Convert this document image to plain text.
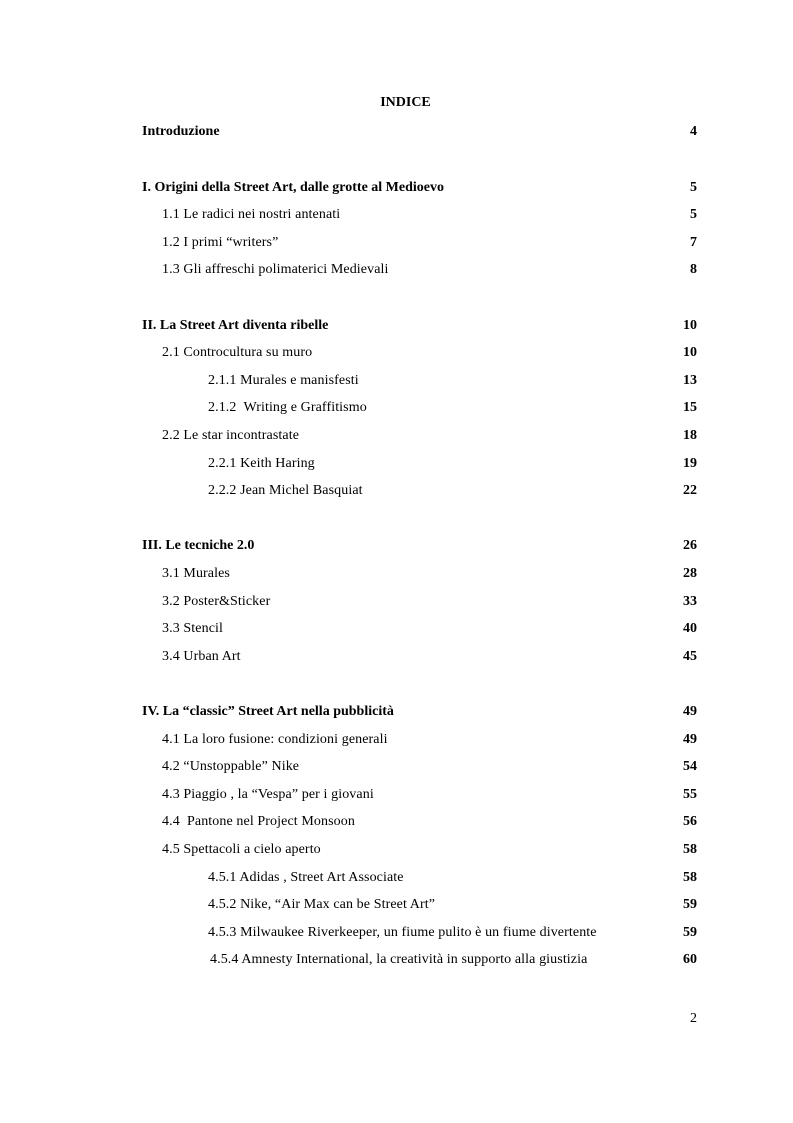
INDICE
Introduzione	4
I. Origini della Street Art, dalle grotte al Medioevo	5
1.1 Le radici nei nostri antenati	5
1.2 I primi “writers”	7
1.3 Gli affreschi polimaterici Medievali	8
II. La Street Art diventa ribelle	10
2.1 Controcultura su muro	10
2.1.1 Murales e manisfesti	13
2.1.2  Writing e Graffitismo	15
2.2 Le star incontrastate	18
2.2.1 Keith Haring	19
2.2.2 Jean Michel Basquiat	22
III. Le tecniche 2.0	26
3.1 Murales	28
3.2 Poster&Sticker	33
3.3 Stencil	40
3.4 Urban Art	45
IV. La “classic” Street Art nella pubblicità	49
4.1 La loro fusione: condizioni generali	49
4.2 “Unstoppable” Nike	54
4.3 Piaggio , la “Vespa” per i giovani	55
4.4  Pantone nel Project Monsoon	56
4.5 Spettacoli a cielo aperto	58
4.5.1 Adidas , Street Art Associate	58
4.5.2 Nike, “Air Max can be Street Art”	59
4.5.3 Milwaukee Riverkeeper, un fiume pulito è un fiume divertente	59
4.5.4 Amnesty International, la creatività in supporto alla giustizia	60
2
